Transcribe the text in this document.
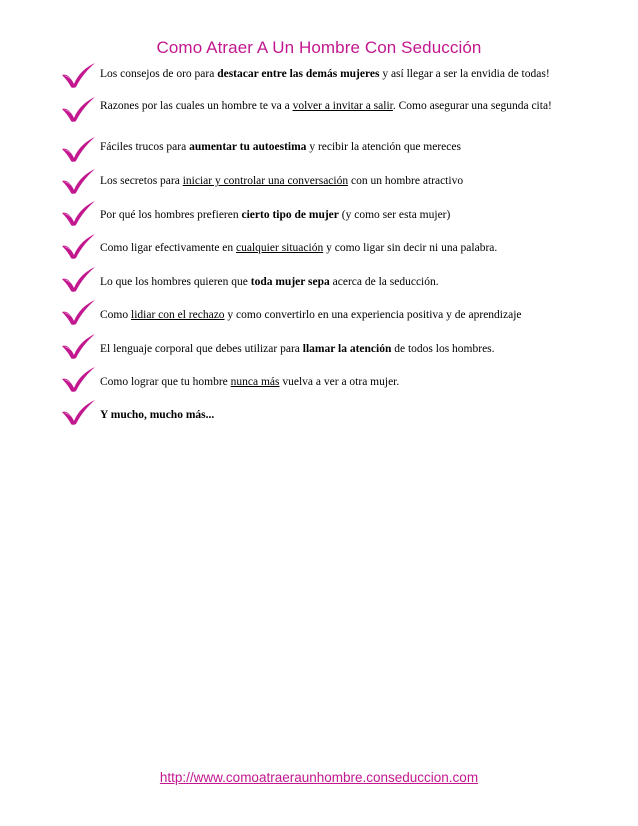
Como Atraer A Un Hombre Con Seducción
Los consejos de oro para destacar entre las demás mujeres y así llegar a ser la envidia de todas!
Razones por las cuales un hombre te va a volver a invitar a salir. Como asegurar una segunda cita!
Fáciles trucos para aumentar tu autoestima y recibir la atención que mereces
Los secretos para iniciar y controlar una conversación con un hombre atractivo
Por qué los hombres prefieren cierto tipo de mujer (y como ser esta mujer)
Como ligar efectivamente en cualquier situación y como ligar sin decir ni una palabra.
Lo que los hombres quieren que toda mujer sepa acerca de la seducción.
Como lidiar con el rechazo y como convertirlo en una experiencia positiva y de aprendizaje
El lenguaje corporal que debes utilizar para llamar la atención de todos los hombres.
Como lograr que tu hombre nunca más vuelva a ver a otra mujer.
Y mucho, mucho más...
http://www.comoatraeraunhombre.conseduccion.com
